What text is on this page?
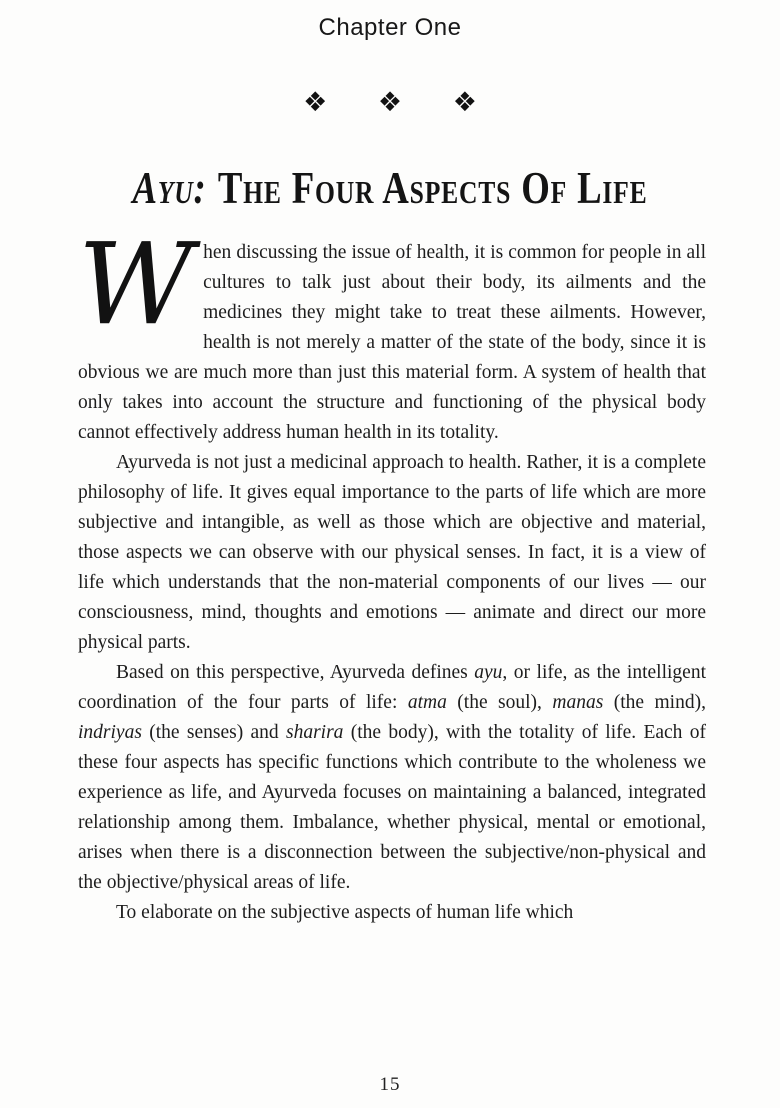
Chapter One
❖ ❖ ❖
Ayu: The Four Aspects Of Life

When discussing the issue of health, it is common for people in all cultures to talk just about their body, its ailments and the medicines they might take to treat these ailments. However, health is not merely a matter of the state of the body, since it is obvious we are much more than just this material form. A system of health that only takes into account the structure and functioning of the physical body cannot effectively address human health in its totality.

Ayurveda is not just a medicinal approach to health. Rather, it is a complete philosophy of life. It gives equal importance to the parts of life which are more subjective and intangible, as well as those which are objective and material, those aspects we can observe with our physical senses. In fact, it is a view of life which understands that the non-material components of our lives — our consciousness, mind, thoughts and emotions — animate and direct our more physical parts.

Based on this perspective, Ayurveda defines ayu, or life, as the intelligent coordination of the four parts of life: atma (the soul), manas (the mind), indriyas (the senses) and sharira (the body), with the totality of life. Each of these four aspects has specific functions which contribute to the wholeness we experience as life, and Ayurveda focuses on maintaining a balanced, integrated relationship among them. Imbalance, whether physical, mental or emotional, arises when there is a disconnection between the subjective/non-physical and the objective/physical areas of life.

To elaborate on the subjective aspects of human life which

15
